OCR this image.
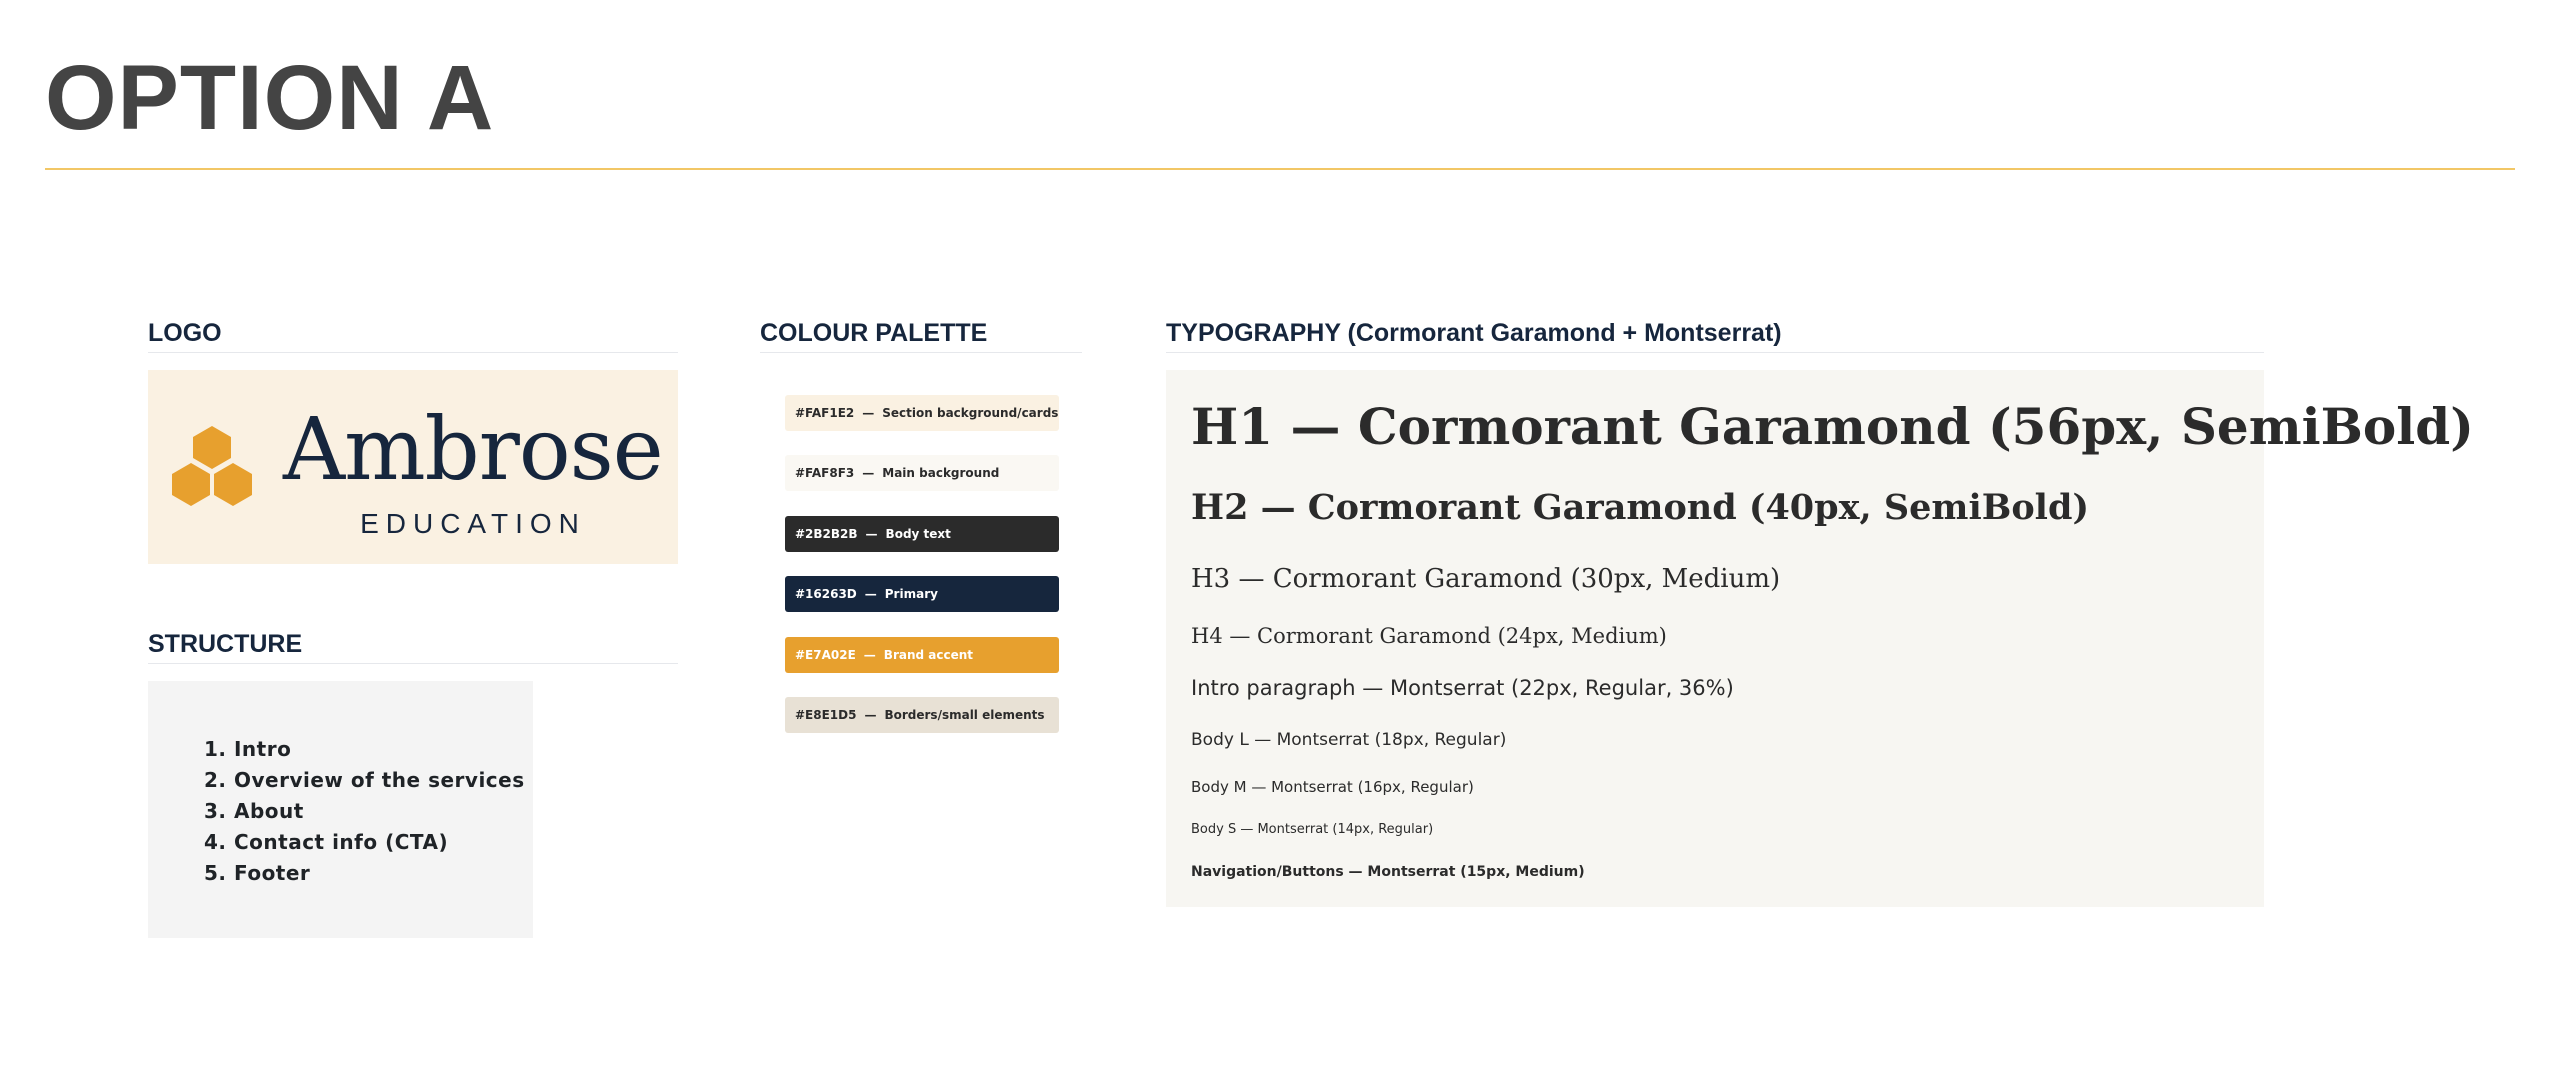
OPTION A
LOGO
Ambrose
EDUCATION
STRUCTURE
1. Intro
2. Overview of the services
3. About
4. Contact info (CTA)
5. Footer
COLOUR PALETTE
#FAF1E2 — Section background/cards
#FAF8F3 — Main background
#2B2B2B — Body text
#16263D — Primary
#E7A02E — Brand accent
#E8E1D5 — Borders/small elements
TYPOGRAPHY (Cormorant Garamond + Montserrat)
H1 — Cormorant Garamond (56px, SemiBold)
H2 — Cormorant Garamond (40px, SemiBold)
H3 — Cormorant Garamond (30px, Medium)
H4 — Cormorant Garamond (24px, Medium)
Intro paragraph — Montserrat (22px, Regular, 36%)
Body L — Montserrat (18px, Regular)
Body M — Montserrat (16px, Regular)
Body S — Montserrat (14px, Regular)
Navigation/Buttons — Montserrat (15px, Medium)
